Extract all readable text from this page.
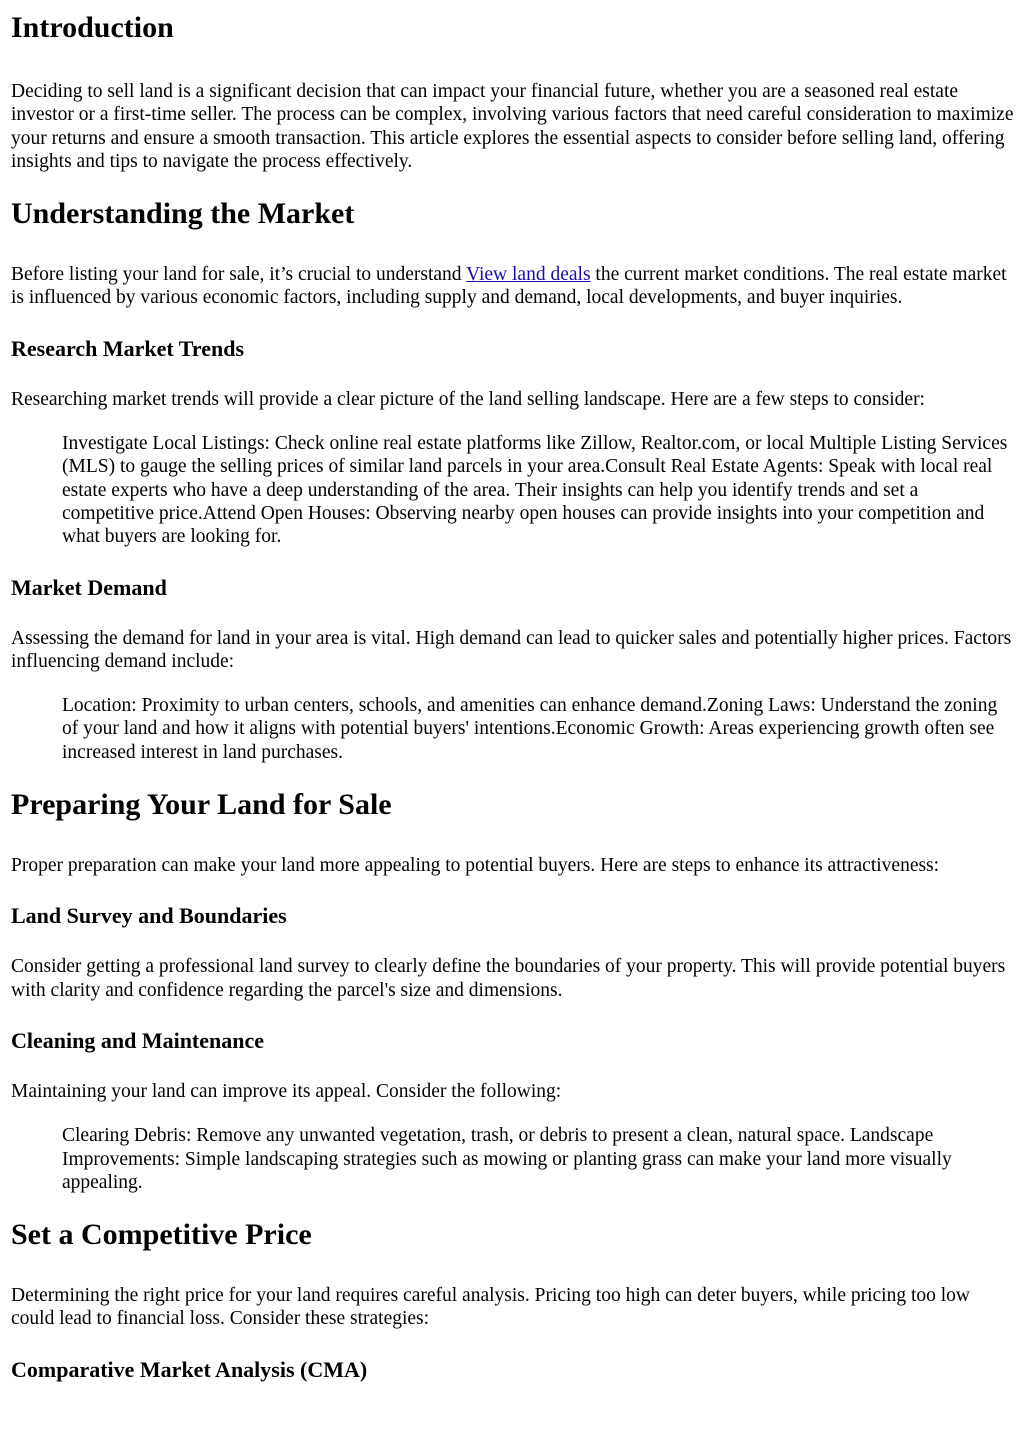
Introduction

Deciding to sell land is a significant decision that can impact your financial future, whether you are a seasoned real estate investor or a first-time seller. The process can be complex, involving various factors that need careful consideration to maximize your returns and ensure a smooth transaction. This article explores the essential aspects to consider before selling land, offering insights and tips to navigate the process effectively.

Understanding the Market

Before listing your land for sale, it’s crucial to understand View land deals the current market conditions. The real estate market is influenced by various economic factors, including supply and demand, local developments, and buyer inquiries.

Research Market Trends

Researching market trends will provide a clear picture of the land selling landscape. Here are a few steps to consider:

Investigate Local Listings: Check online real estate platforms like Zillow, Realtor.com, or local Multiple Listing Services (MLS) to gauge the selling prices of similar land parcels in your area.Consult Real Estate Agents: Speak with local real estate experts who have a deep understanding of the area. Their insights can help you identify trends and set a competitive price.Attend Open Houses: Observing nearby open houses can provide insights into your competition and what buyers are looking for.
Market Demand

Assessing the demand for land in your area is vital. High demand can lead to quicker sales and potentially higher prices. Factors influencing demand include:

Location: Proximity to urban centers, schools, and amenities can enhance demand.Zoning Laws: Understand the zoning of your land and how it aligns with potential buyers' intentions.Economic Growth: Areas experiencing growth often see increased interest in land purchases.
Preparing Your Land for Sale

Proper preparation can make your land more appealing to potential buyers. Here are steps to enhance its attractiveness:

Land Survey and Boundaries

Consider getting a professional land survey to clearly define the boundaries of your property. This will provide potential buyers with clarity and confidence regarding the parcel's size and dimensions.

Cleaning and Maintenance

Maintaining your land can improve its appeal. Consider the following:

Clearing Debris: Remove any unwanted vegetation, trash, or debris to present a clean, natural space. Landscape Improvements: Simple landscaping strategies such as mowing or planting grass can make your land more visually appealing.
Set a Competitive Price

Determining the right price for your land requires careful analysis. Pricing too high can deter buyers, while pricing too low could lead to financial loss. Consider these strategies:

Comparative Market Analysis (CMA)
